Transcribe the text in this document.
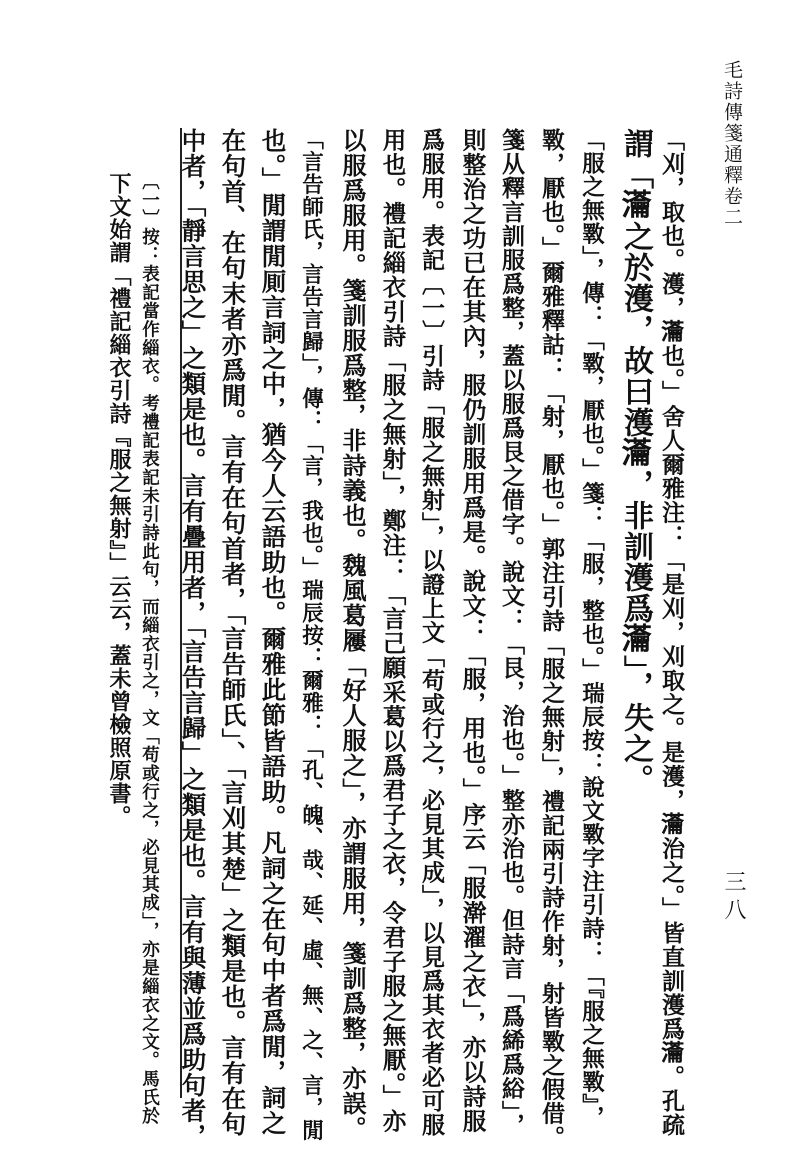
毛詩傳箋通釋卷二
三八
「刈，取也。濩，𤅢也。」舍人爾雅注：「是刈，刈取之。是濩，𤅢治之。」皆直訓濩爲𤅢。孔疏
謂「𤅢之於濩，故曰濩𤅢，非訓濩爲𤅢」，失之。
「服之無斁」，傳：「斁，厭也。」箋：「服，整也。」瑞辰按：說文斁字注引詩：「『服之無斁』，
斁，厭也。」爾雅釋詁：「射，厭也。」郭注引詩「服之無射」，禮記兩引詩作射，射皆斁之假借。
箋从釋言訓服爲整，蓋以服爲艮之借字。說文：「艮，治也。」整亦治也。但詩言「爲絺爲綌」，
則整治之功已在其內，服仍訓服用爲是。說文：「服，用也。」序云「服澣濯之衣」，亦以詩服
爲服用。表記〔一〕引詩「服之無射」，以證上文「苟或行之，必見其成」，以見爲其衣者必可服
用也。禮記緇衣引詩「服之無射」，鄭注：「言己願采葛以爲君子之衣，令君子服之無厭。」亦
以服爲服用。箋訓服爲整，非詩義也。魏風葛屨「好人服之」，亦謂服用，箋訓爲整，亦誤。
「言告師氏，言告言歸」，傳：「言，我也。」瑞辰按：爾雅：「孔、魄、哉、延、虛、無、之、言，閒
也。」閒謂閒厠言詞之中，猶今人云語助也。爾雅此節皆語助。凡詞之在句中者爲閒，詞之
在句首、在句末者亦爲閒。言有在句首者，「言告師氏」、「言刈其楚」之類是也。言有在句
中者，「靜言思之」之類是也。言有疊用者，「言告言歸」之類是也。言有與薄並爲助句者，
〔一〕按：表記當作緇衣。考禮記表記未引詩此句，而緇衣引之，文「苟或行之，必見其成」，亦是緇衣之文。馬氏於
下文始謂「禮記緇衣引詩『服之無射』」云云，蓋未曾檢照原書。
